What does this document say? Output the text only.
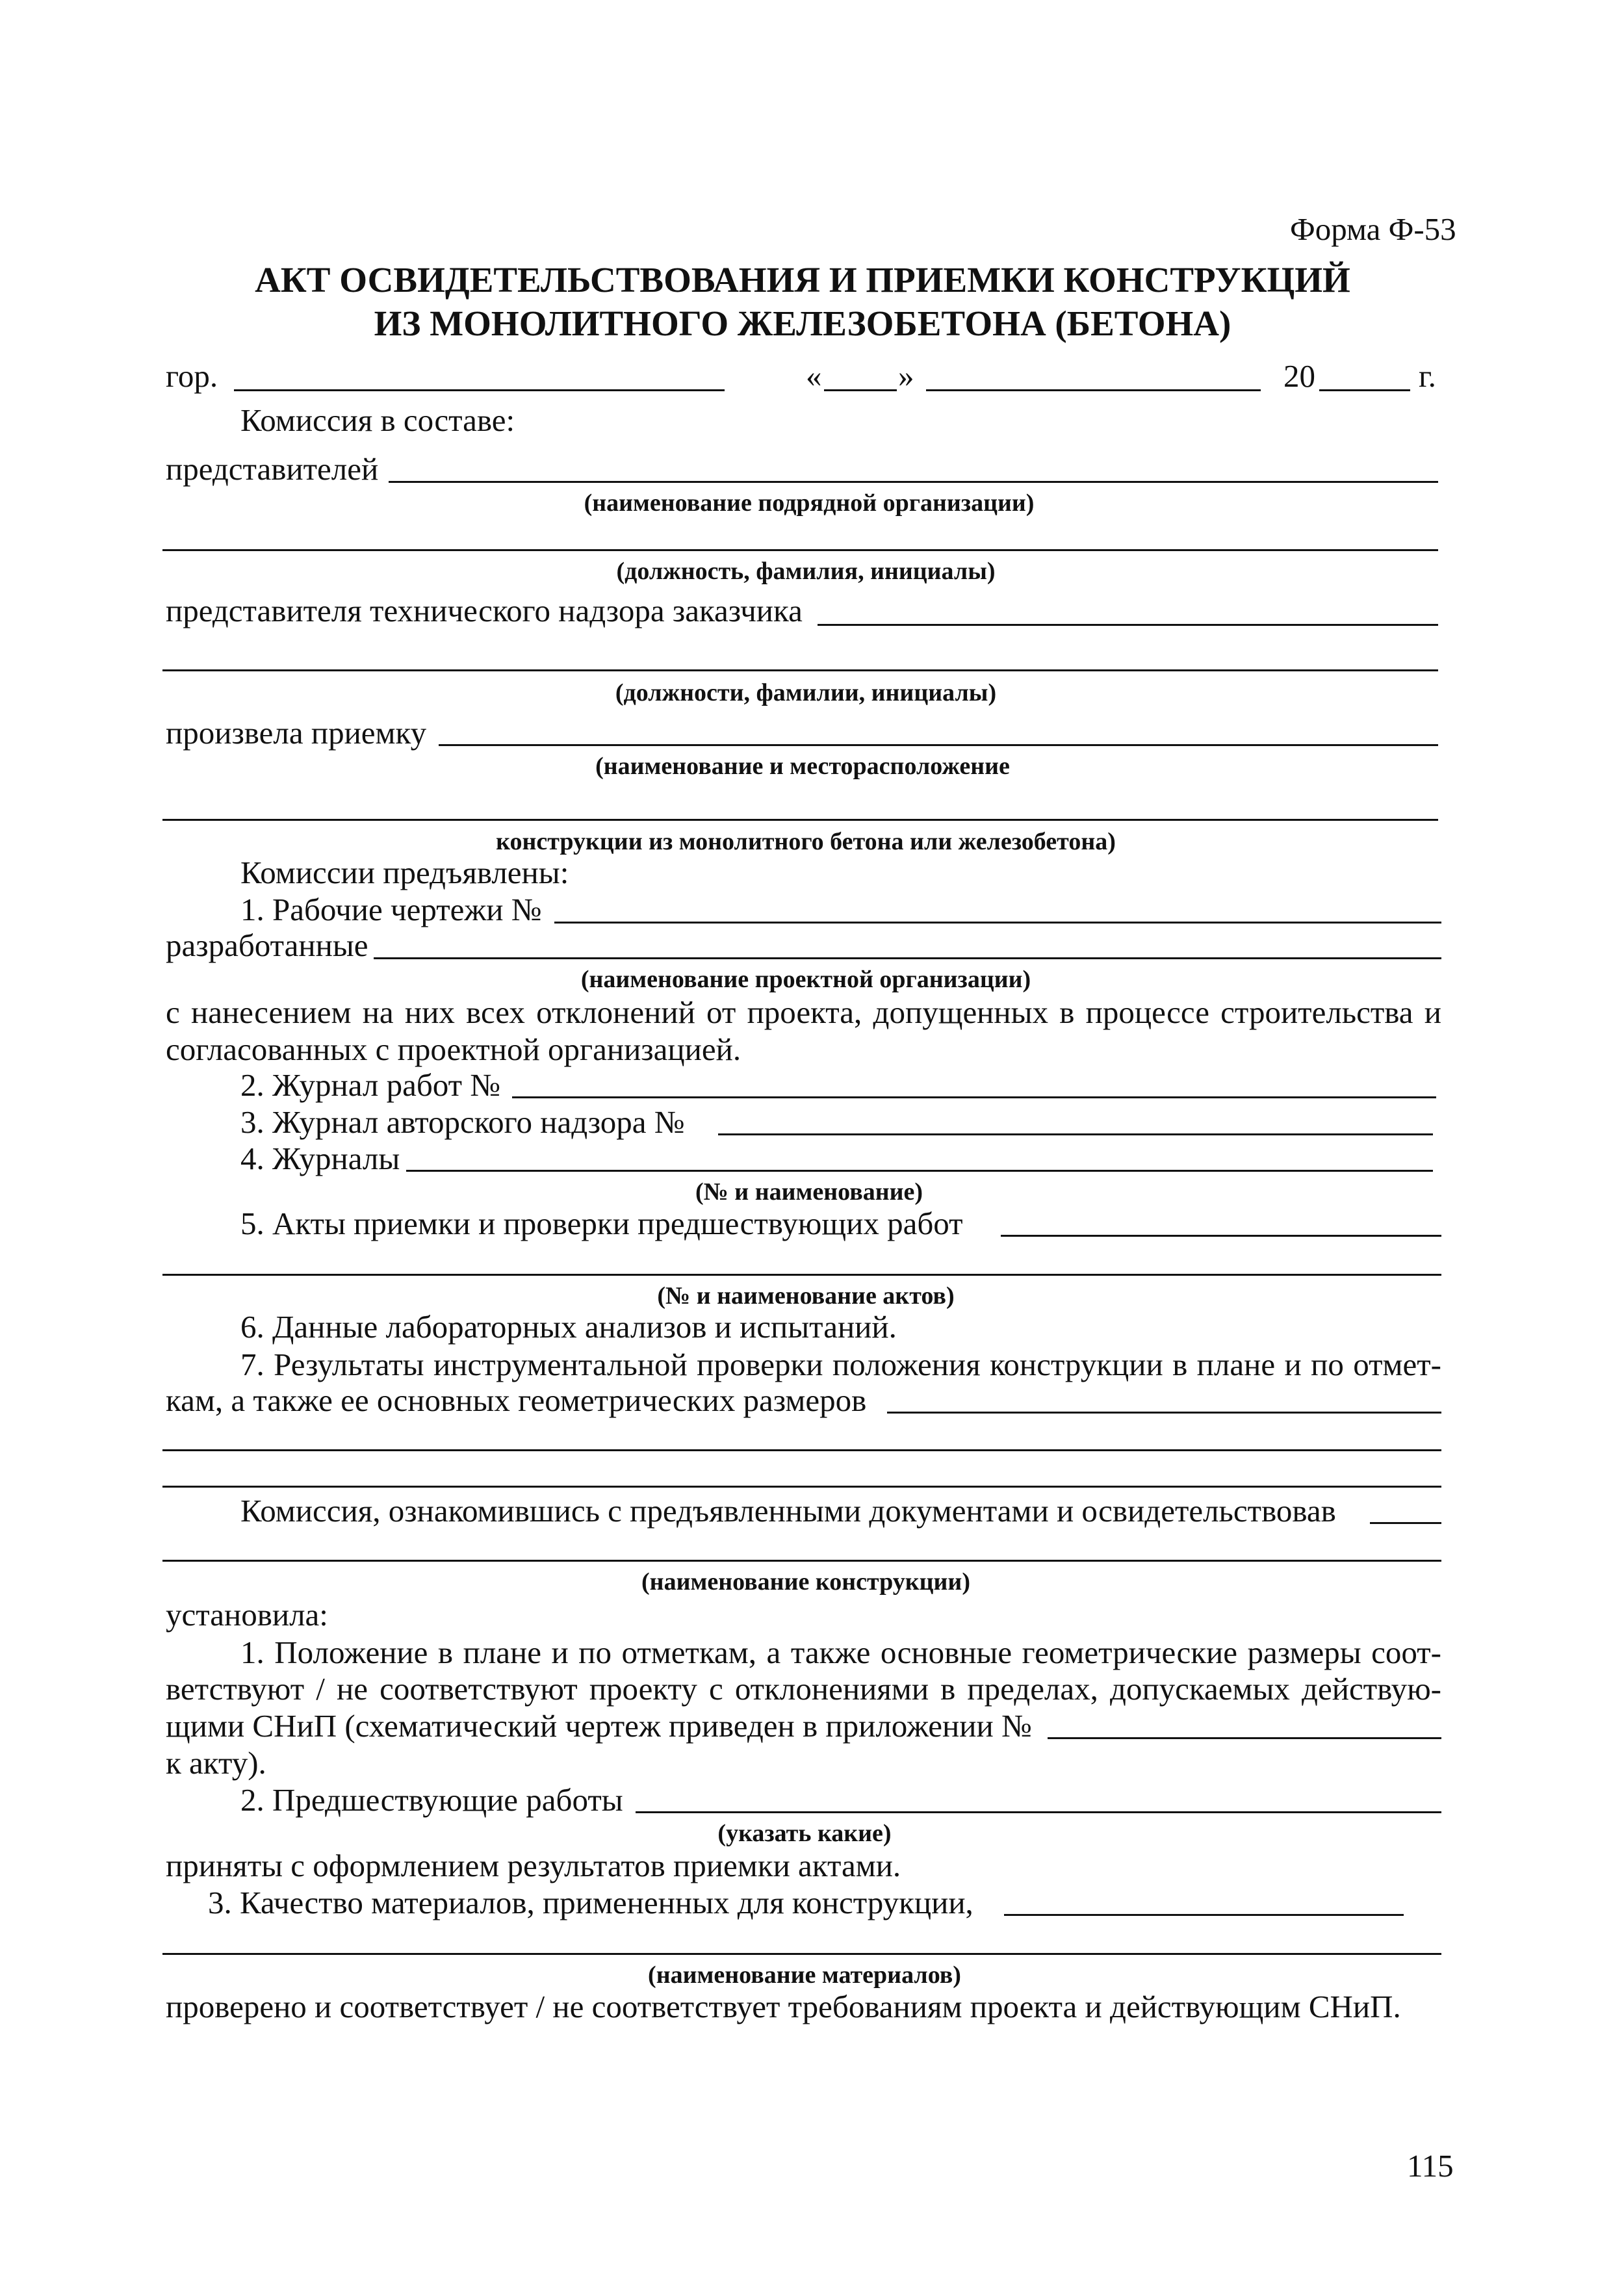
Форма Ф-53
АКТ ОСВИДЕТЕЛЬСТВОВАНИЯ И ПРИЕМКИ КОНСТРУКЦИЙ
ИЗ МОНОЛИТНОГО ЖЕЛЕЗОБЕТОНА (БЕТОНА)
гор.	« »	20	г.
Комиссия в составе:
представителей
(наименование подрядной организации)
(должность, фамилия, инициалы)
представителя технического надзора заказчика
(должности, фамилии, инициалы)
произвела приемку
(наименование и месторасположение
конструкции из монолитного бетона или железобетона)
Комиссии предъявлены:
1. Рабочие чертежи №
разработанные
(наименование проектной организации)
с нанесением на них всех отклонений от проекта, допущенных в процессе строительства и
согласованных с проектной организацией.
2. Журнал работ №
3. Журнал авторского надзора №
4. Журналы
(№ и наименование)
5. Акты приемки и проверки предшествующих работ
(№ и наименование актов)
6. Данные лабораторных анализов и испытаний.
7. Результаты инструментальной проверки положения конструкции в плане и по отмет-
кам, а также ее основных геометрических размеров
Комиссия, ознакомившись с предъявленными документами и освидетельствовав
(наименование конструкции)
установила:
1. Положение в плане и по отметкам, а также основные геометрические размеры соот-
ветствуют / не соответствуют проекту с отклонениями в пределах, допускаемых действую-
щими СНиП (схематический чертеж приведен в приложении №
к акту).
2. Предшествующие работы
(указать какие)
приняты с оформлением результатов приемки актами.
3. Качество материалов, примененных для конструкции,
(наименование материалов)
проверено и соответствует / не соответствует требованиям проекта и действующим СНиП.
115
